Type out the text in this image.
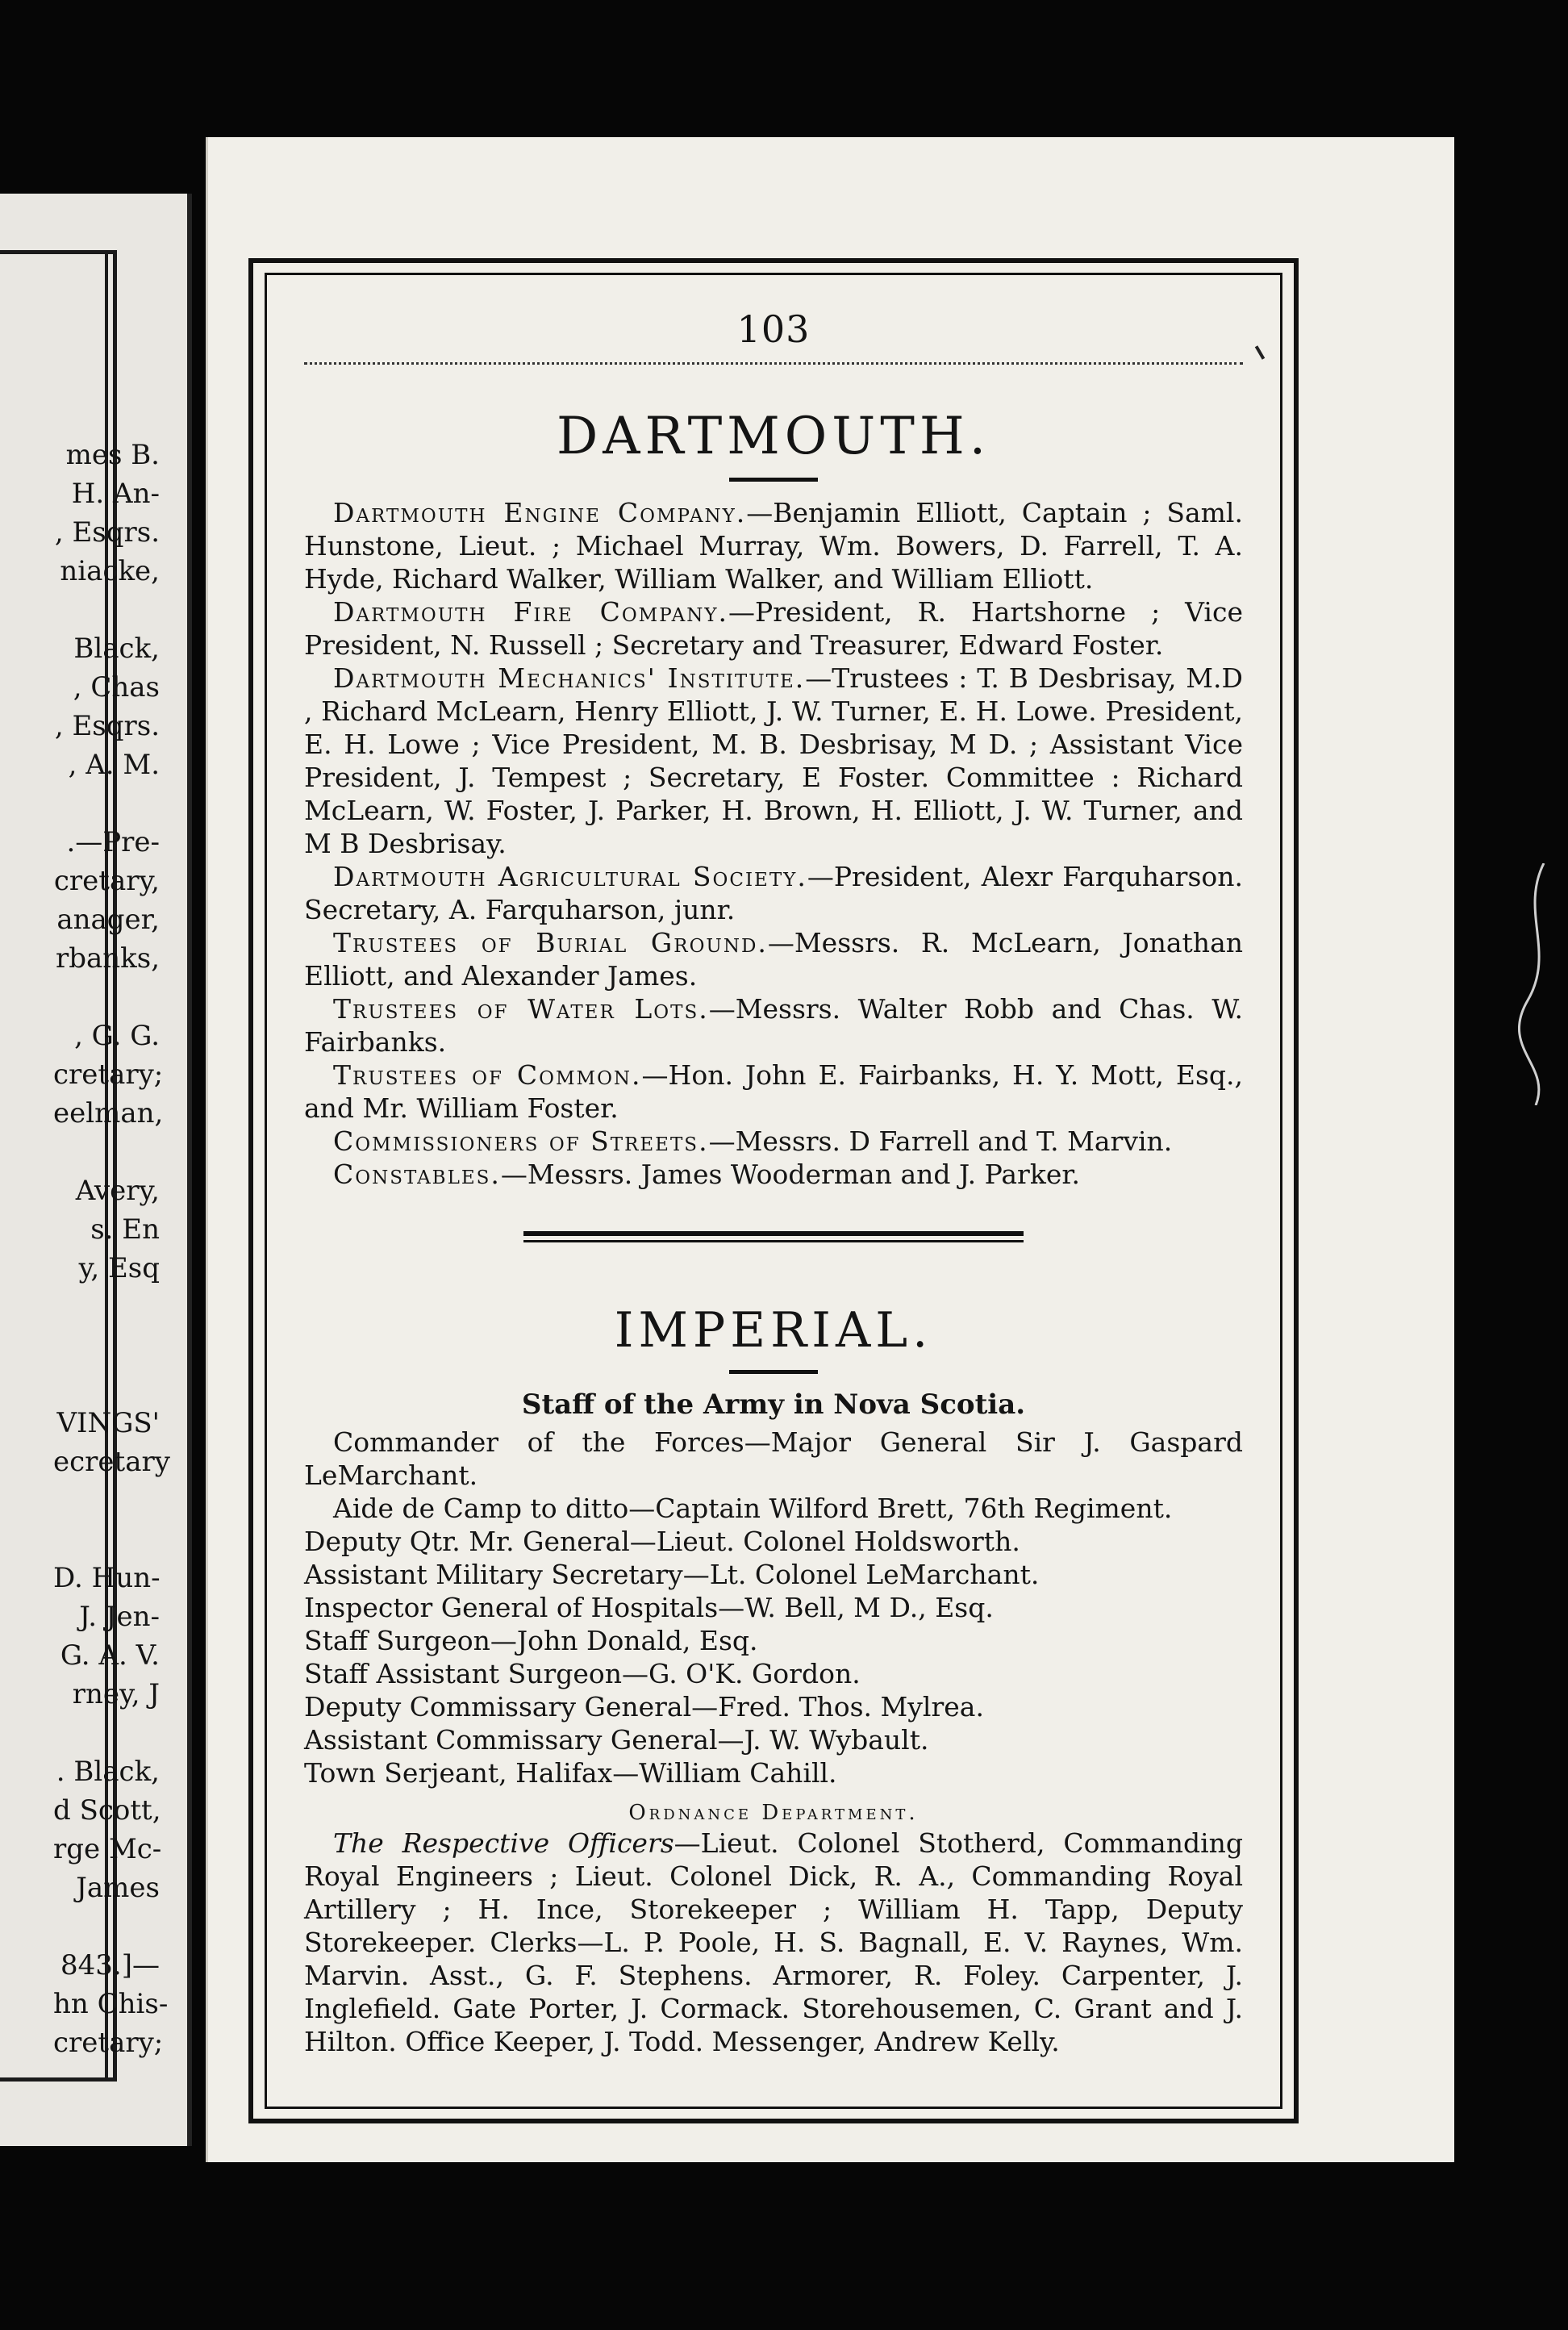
mes B.
H. An-
, Esqrs.
niacke,
Black,
, Chas
, Esqrs.
, A. M.
.—Pre-
cretary,
anager,
rbanks,
, G. G.
cretary;
eelman,
Avery,
s. En
y, Esq
VINGS'
ecretary
D. Hun-
J. Jen-
G. A. V.
rney, J
. Black,
d Scott,
rge Mc-
James
843.]—
hn Chis-
cretary;
103
DARTMOUTH.

Dartmouth Engine Company.—Benjamin Elliott, Captain ; Saml. Hunstone, Lieut. ; Michael Murray, Wm. Bowers, D. Farrell, T. A. Hyde, Richard Walker, William Walker, and William Elliott.

Dartmouth Fire Company.—President, R. Hartshorne ; Vice President, N. Russell ; Secretary and Treasurer, Edward Foster.

Dartmouth Mechanics' Institute.—Trustees : T. B Desbrisay, M.D , Richard McLearn, Henry Elliott, J. W. Turner, E. H. Lowe. President, E. H. Lowe ; Vice President, M. B. Desbrisay, M D. ; Assistant Vice President, J. Tempest ; Secretary, E Foster. Committee : Richard McLearn, W. Foster, J. Parker, H. Brown, H. Elliott, J. W. Turner, and M B Desbrisay.

Dartmouth Agricultural Society.—President, Alexr Farquharson. Secretary, A. Farquharson, junr.

Trustees of Burial Ground.—Messrs. R. McLearn, Jonathan Elliott, and Alexander James.

Trustees of Water Lots.—Messrs. Walter Robb and Chas. W. Fairbanks.

Trustees of Common.—Hon. John E. Fairbanks, H. Y. Mott, Esq., and Mr. William Foster.

Commissioners of Streets.—Messrs. D Farrell and T. Marvin.

Constables.—Messrs. James Wooderman and J. Parker.

IMPERIAL.
Staff of the Army in Nova Scotia.

Commander of the Forces—Major General Sir J. Gaspard LeMarchant.

Aide de Camp to ditto—Captain Wilford Brett, 76th Regiment.

Deputy Qtr. Mr. General—Lieut. Colonel Holdsworth.

Assistant Military Secretary—Lt. Colonel LeMarchant.

Inspector General of Hospitals—W. Bell, M D., Esq.

Staff Surgeon—John Donald, Esq.

Staff Assistant Surgeon—G. O'K. Gordon.

Deputy Commissary General—Fred. Thos. Mylrea.

Assistant Commissary General—J. W. Wybault.

Town Serjeant, Halifax—William Cahill.

Ordnance Department.

The Respective Officers—Lieut. Colonel Stotherd, Commanding Royal Engineers ; Lieut. Colonel Dick, R. A., Commanding Royal Artillery ; H. Ince, Storekeeper ; William H. Tapp, Deputy Storekeeper. Clerks—L. P. Poole, H. S. Bagnall, E. V. Raynes, Wm. Marvin. Asst., G. F. Stephens. Armorer, R. Foley. Carpenter, J. Inglefield. Gate Porter, J. Cormack. Storehousemen, C. Grant and J. Hilton. Office Keeper, J. Todd. Messenger, Andrew Kelly.
